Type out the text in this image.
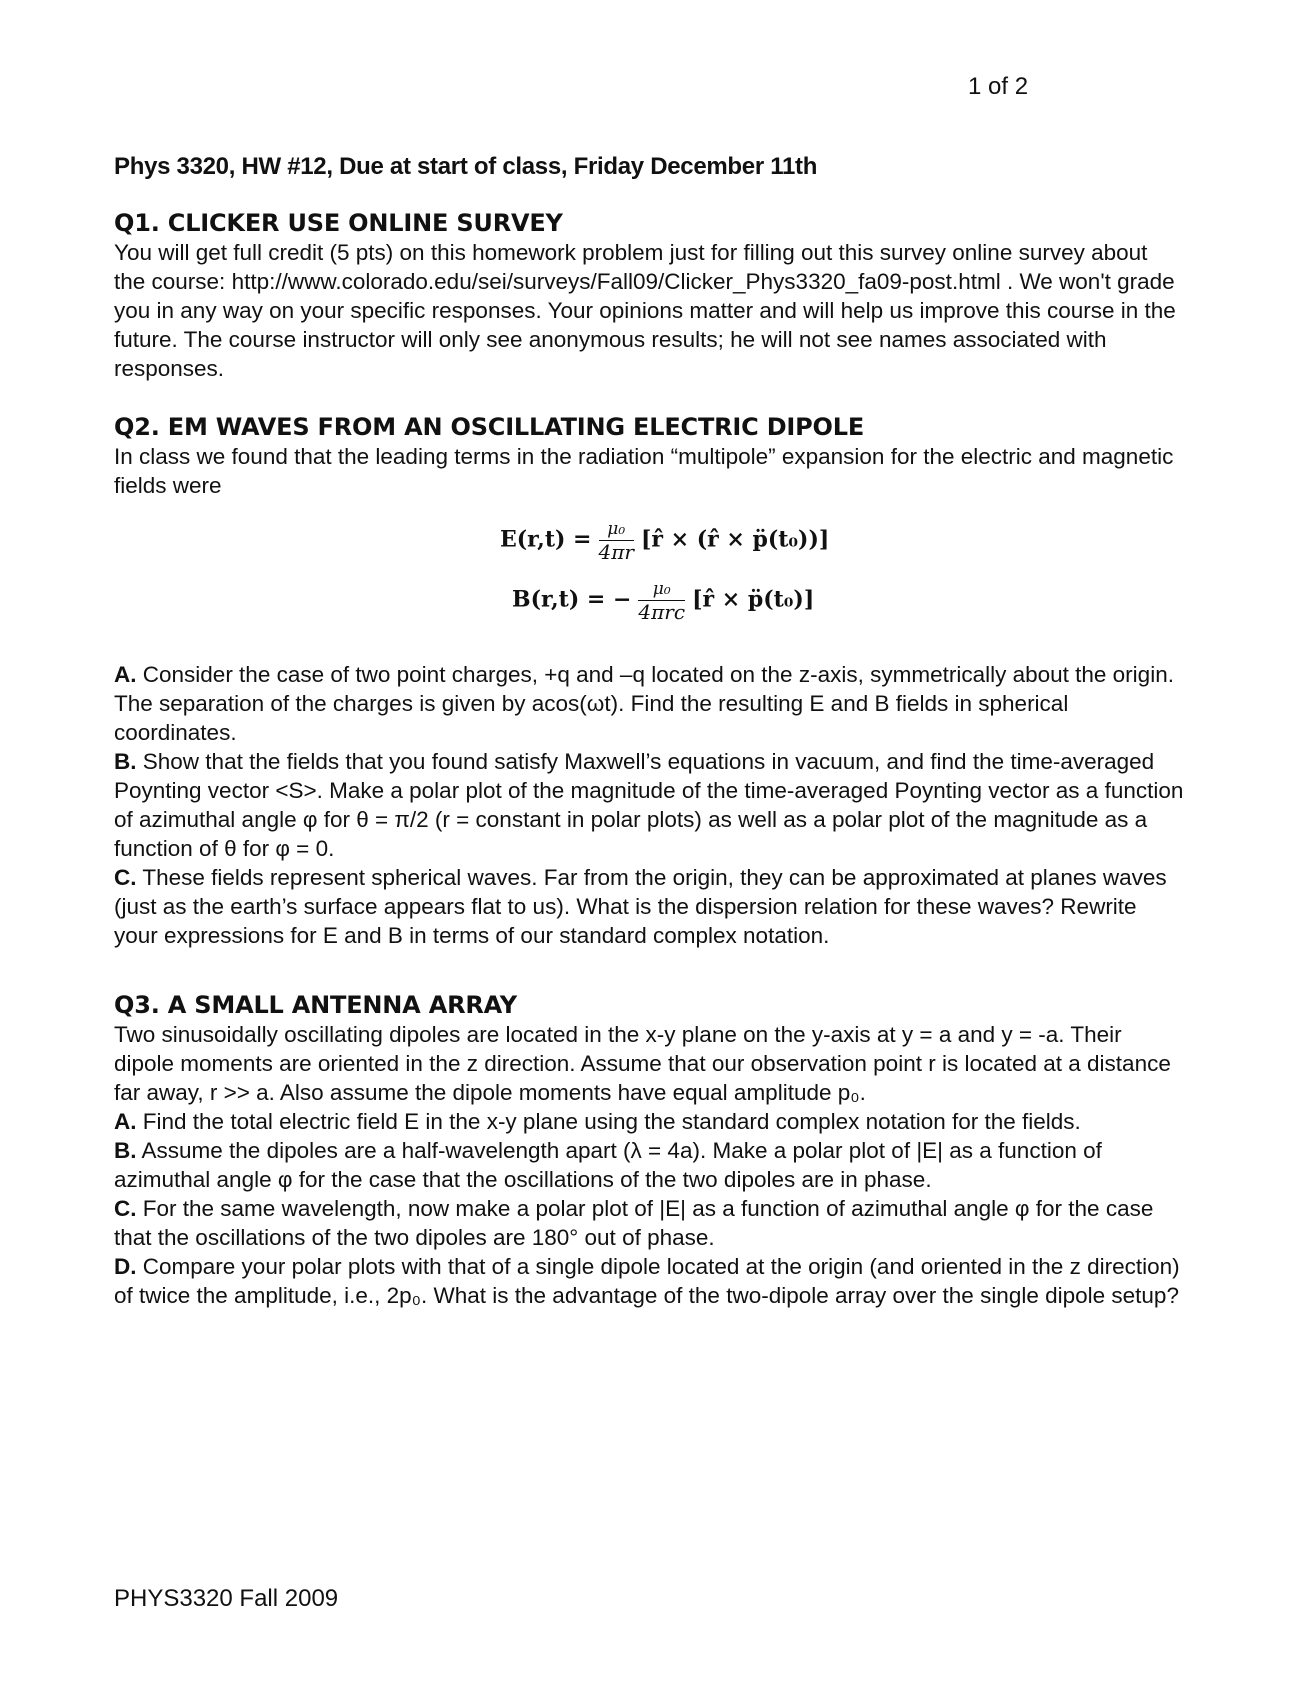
1 of 2
Phys 3320, HW #12, Due at start of class, Friday December 11th
Q1. CLICKER USE ONLINE SURVEY

You will get full credit (5 pts) on this homework problem just for filling out this survey online survey about the course: http://www.colorado.edu/sei/surveys/Fall09/Clicker_Phys3320_fa09-post.html . We won't grade you in any way on your specific responses. Your opinions matter and will help us improve this course in the future. The course instructor will only see anonymous results; he will not see names associated with responses.

Q2. EM WAVES FROM AN OSCILLATING ELECTRIC DIPOLE

In class we found that the leading terms in the radiation “multipole” expansion for the electric and magnetic fields were

$E(r,t) = \frac{\text{μ₀}}{4\pi r}$ [r̂ × (r̂ × p̈(t₀))]
B(r,t) = − $\frac{\text{μ₀}}{\text{4πrc}}$ [r̂ × p̈(t₀)]

A. Consider the case of two point charges, +q and –q located on the z-axis, symmetrically about the origin. The separation of the charges is given by acos(ωt). Find the resulting E and B fields in spherical coordinates.

B. Show that the fields that you found satisfy Maxwell’s equations in vacuum, and find the time-averaged Poynting vector <S>. Make a polar plot of the magnitude of the time-averaged Poynting vector as a function of azimuthal angle φ for θ = π/2 (r = constant in polar plots) as well as a polar plot of the magnitude as a function of θ for φ = 0.

C. These fields represent spherical waves. Far from the origin, they can be approximated at planes waves (just as the earth’s surface appears flat to us). What is the dispersion relation for these waves? Rewrite your expressions for E and B in terms of our standard complex notation.

Q3. A SMALL ANTENNA ARRAY

Two sinusoidally oscillating dipoles are located in the x-y plane on the y-axis at y = a and y = -a. Their dipole moments are oriented in the z direction. Assume that our observation point r is located at a distance far away, r >> a. Also assume the dipole moments have equal amplitude p₀.

A. Find the total electric field E in the x-y plane using the standard complex notation for the fields.

B. Assume the dipoles are a half-wavelength apart (λ = 4a). Make a polar plot of |E| as a function of azimuthal angle φ for the case that the oscillations of the two dipoles are in phase.

C. For the same wavelength, now make a polar plot of |E| as a function of azimuthal angle φ for the case that the oscillations of the two dipoles are 180° out of phase.

D. Compare your polar plots with that of a single dipole located at the origin (and oriented in the z direction) of twice the amplitude, i.e., 2p₀. What is the advantage of the two-dipole array over the single dipole setup?

PHYS3320 Fall 2009
